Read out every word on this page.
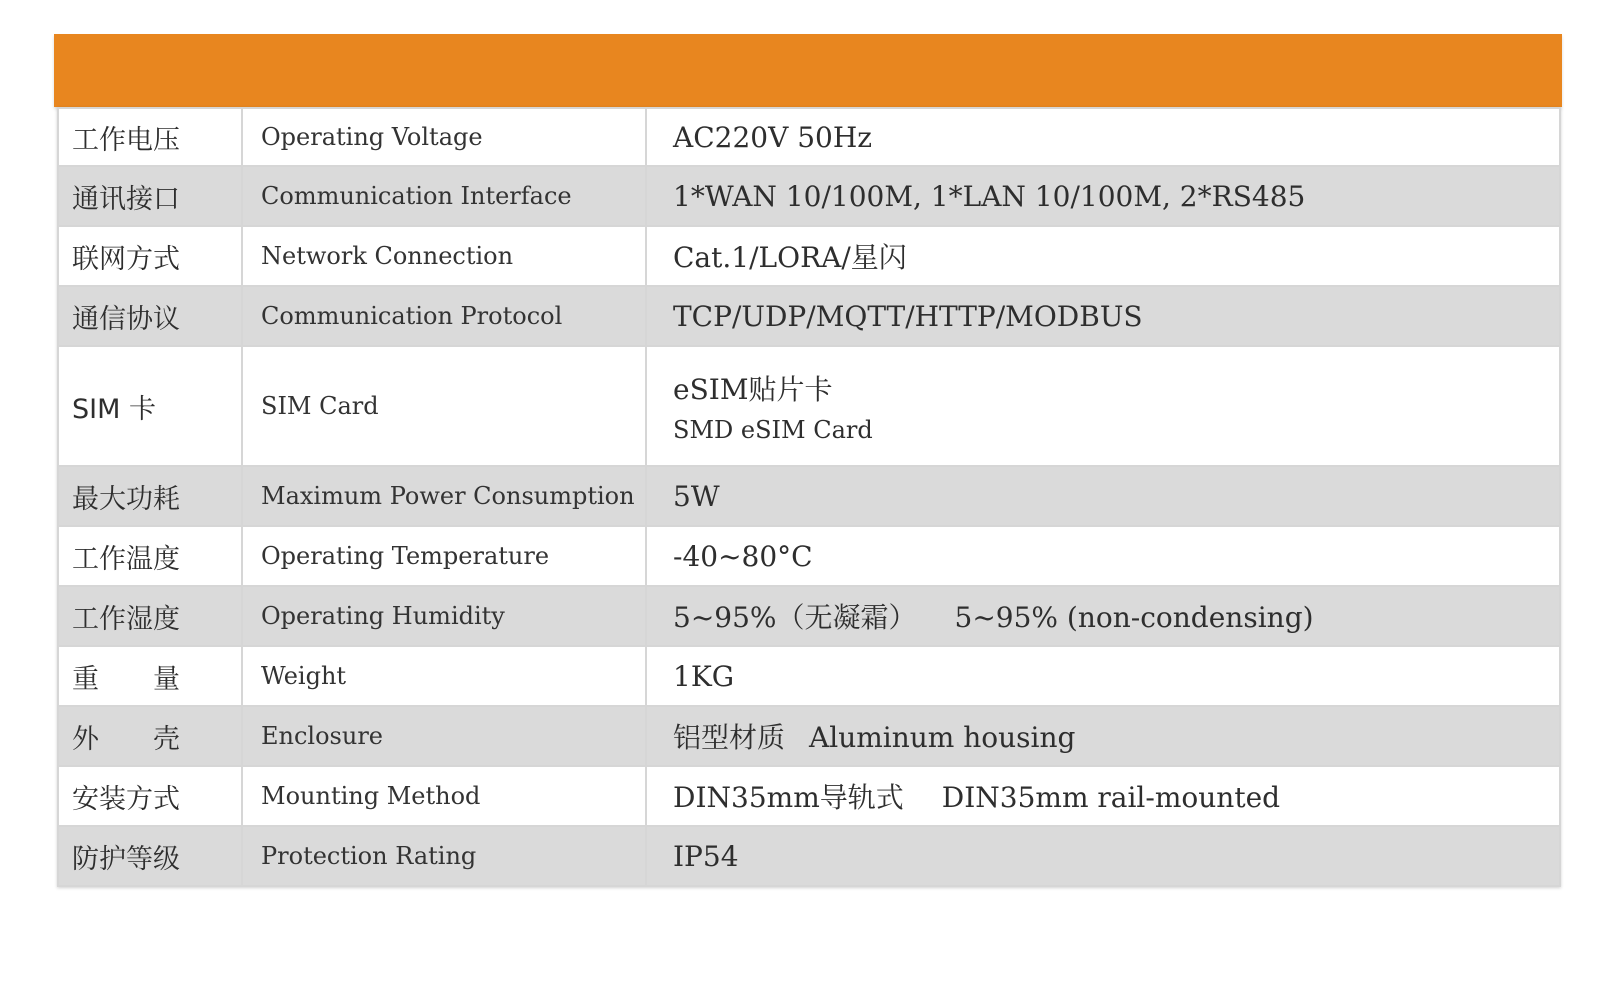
工作电压	Operating Voltage	AC220V 50Hz
通讯接口	Communication Interface	1*WAN 10/100M, 1*LAN 10/100M, 2*RS485
联网方式	Network Connection	Cat.1/LORA/星闪
通信协议	Communication Protocol	TCP/UDP/MQTT/HTTP/MODBUS
SIM 卡	SIM Card	eSIM贴片卡
SMD eSIM Card

最大功耗	Maximum Power Consumption	5W
工作温度	Operating Temperature	-40~80°C
工作湿度	Operating Humidity	5~95%（无凝霜） 5~95% (non-condensing)
重　　量	Weight	1KG
外　　壳	Enclosure	铝型材质 Aluminum housing
安装方式	Mounting Method	DIN35mm导轨式 DIN35mm rail-mounted
防护等级	Protection Rating	IP54
